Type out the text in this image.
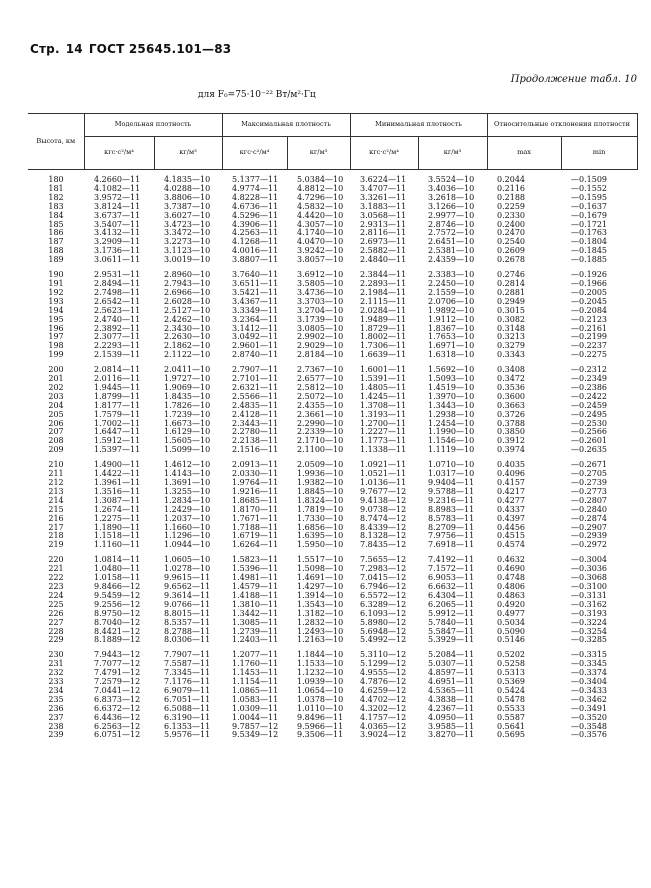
Стр. 14 ГОСТ 25645.101—83
Продолжение табл. 10
для F₀=75·10⁻²² Вт/м²·Гц
Высота, км	Модельная плотность		Максимальная плотность		Минимальная плотность		Относительные отклонения плотности	
	кгс·с²/м⁴	кг/м³	кгс·с²/м⁴	кг/м³	кгс·с²/м⁴	кг/м³	max	min

180	4.2660—11	4.1835—10	5.1377—11	5.0384—10	3.6224—11	3.5524—10	0.2044	—0.1509
181	4.1082—11	4.0288—10	4.9774—11	4.8812—10	3.4707—11	3.4036—10	0.2116	—0.1552
182	3.9572—11	3.8806—10	4.8228—11	4.7296—10	3.3261—11	3.2618—10	0.2188	—0.1595
183	3.8124—11	3.7387—10	4.6736—11	4.5832—10	3.1883—11	3.1266—10	0.2259	—0.1637
184	3.6737—11	3.6027—10	4.5296—11	4.4420—10	3.0568—11	2.9977—10	0.2330	—0.1679
185	3.5407—11	3.4723—10	4.3906—11	4.3057—10	2.9313—11	2.8746—10	0.2400	—0.1721
186	3.4132—11	3.3472—10	4.2563—11	4.1740—10	2.8116—11	2.7572—10	0.2470	—0.1763
187	3.2909—11	3.2273—10	4.1268—11	4.0470—10	2.6973—11	2.6451—10	0.2540	—0.1804
188	3.1736—11	3.1123—10	4.0016—11	3.9242—10	2.5882—11	2.5381—10	0.2609	—0.1845
189	3.0611—11	3.0019—10	3.8807—11	3.8057—10	2.4840—11	2.4359—10	0.2678	—0.1885

190	2.9531—11	2.8960—10	3.7640—11	3.6912—10	2.3844—11	2.3383—10	0.2746	—0.1926
191	2.8494—11	2.7943—10	3.6511—11	3.5805—10	2.2893—11	2.2450—10	0.2814	—0.1966
192	2.7498—11	2.6966—10	3.5421—11	3.4736—10	2.1984—11	2.1559—10	0.2881	—0.2005
193	2.6542—11	2.6028—10	3.4367—11	3.3703—10	2.1115—11	2.0706—10	0.2949	—0.2045
194	2.5623—11	2.5127—10	3.3349—11	3.2704—10	2.0284—11	1.9892—10	0.3015	—0.2084
195	2.4740—11	2.4262—10	3.2364—11	3.1739—10	1.9489—11	1.9112—10	0.3082	—0.2123
196	2.3892—11	2.3430—10	3.1412—11	3.0805—10	1.8729—11	1.8367—10	0.3148	—0.2161
197	2.3077—11	2.2630—10	3.0492—11	2.9902—10	1.8002—11	1.7653—10	0.3213	—0.2199
198	2.2293—11	2.1862—10	2.9601—11	2.9029—10	1.7306—11	1.6971—10	0.3279	—0.2237
199	2.1539—11	2.1122—10	2.8740—11	2.8184—10	1.6639—11	1.6318—10	0.3343	—0.2275

200	2.0814—11	2.0411—10	2.7907—11	2.7367—10	1.6001—11	1.5692—10	0.3408	—0.2312
201	2.0116—11	1.9727—10	2.7101—11	2.6577—10	1.5391—11	1.5093—10	0.3472	—0.2349
202	1.9445—11	1.9069—10	2.6321—11	2.5812—10	1.4805—11	1.4519—10	0.3536	—0.2386
203	1.8799—11	1.8435—10	2.5566—11	2.5072—10	1.4245—11	1.3970—10	0.3600	—0.2422
204	1.8177—11	1.7826—10	2.4835—11	2.4355—10	1.3708—11	1.3443—10	0.3663	—0.2459
205	1.7579—11	1.7239—10	2.4128—11	2.3661—10	1.3193—11	1.2938—10	0.3726	—0.2495
206	1.7002—11	1.6673—10	2.3443—11	2.2990—10	1.2700—11	1.2454—10	0.3788	—0.2530
207	1.6447—11	1.6129—10	2.2780—11	2.2339—10	1.2227—11	1.1990—10	0.3850	—0.2566
208	1.5912—11	1.5605—10	2.2138—11	2.1710—10	1.1773—11	1.1546—10	0.3912	—0.2601
209	1.5397—11	1.5099—10	2.1516—11	2.1100—10	1.1338—11	1.1119—10	0.3974	—0.2635

210	1.4900—11	1.4612—10	2.0913—11	2.0509—10	1.0921—11	1.0710—10	0.4035	—0.2671
211	1.4422—11	1.4143—10	2.0330—11	1.9936—10	1.0521—11	1.0317—10	0.4096	—0.2705
212	1.3961—11	1.3691—10	1.9764—11	1.9382—10	1.0136—11	9.9404—11	0.4157	—0.2739
213	1.3516—11	1.3255—10	1.9216—11	1.8845—10	9.7677—12	9.5788—11	0.4217	—0.2773
214	1.3087—11	1.2834—10	1.8685—11	1.8324—10	9.4138—12	9.2316—11	0.4277	—0.2807
215	1.2674—11	1.2429—10	1.8170—11	1.7819—10	9.0738—12	8.8983—11	0.4337	—0.2840
216	1.2275—11	1.2037—10	1.7671—11	1.7330—10	8.7474—12	8.5783—11	0.4397	—0.2874
217	1.1890—11	1.1660—10	1.7188—11	1.6856—10	8.4339—12	8.2709—11	0.4456	—0.2907
218	1.1518—11	1.1296—10	1.6719—11	1.6395—10	8.1328—12	7.9756—11	0.4515	—0.2939
219	1.1160—11	1.0944—10	1.6264—11	1.5950—10	7.8435—12	7.6918—11	0.4574	—0.2972

220	1.0814—11	1.0605—10	1.5823—11	1.5517—10	7.5655—12	7.4192—11	0.4632	—0.3004
221	1.0480—11	1.0278—10	1.5396—11	1.5098—10	7.2983—12	7.1572—11	0.4690	—0.3036
222	1.0158—11	9.9615—11	1.4981—11	1.4691—10	7.0415—12	6.9053—11	0.4748	—0.3068
223	9.8466—12	9.6562—11	1.4579—11	1.4297—10	6.7946—12	6.6632—11	0.4806	—0.3100
224	9.5459—12	9.3614—11	1.4188—11	1.3914—10	6.5572—12	6.4304—11	0.4863	—0.3131
225	9.2556—12	9.0766—11	1.3810—11	1.3543—10	6.3289—12	6.2065—11	0.4920	—0.3162
226	8.9750—12	8.8015—11	1.3442—11	1.3182—10	6.1093—12	5.9912—11	0.4977	—0.3193
227	8.7040—12	8.5357—11	1.3085—11	1.2832—10	5.8980—12	5.7840—11	0.5034	—0.3224
228	8.4421—12	8.2788—11	1.2739—11	1.2493—10	5.6948—12	5.5847—11	0.5090	—0.3254
229	8.1889—12	8.0306—11	1.2403—11	1.2163—10	5.4992—12	5.3929—11	0.5146	—0.3285

230	7.9443—12	7.7907—11	1.2077—11	1.1844—10	5.3110—12	5.2084—11	0.5202	—0.3315
231	7.7077—12	7.5587—11	1.1760—11	1.1533—10	5.1299—12	5.0307—11	0.5258	—0.3345
232	7.4791—12	7.3345—11	1.1453—11	1.1232—10	4.9555—12	4.8597—11	0.5313	—0.3374
233	7.2579—12	7.1176—11	1.1154—11	1.0939—10	4.7876—12	4.6951—11	0.5369	—0.3404
234	7.0441—12	6.9079—11	1.0865—11	1.0654—10	4.6259—12	4.5365—11	0.5424	—0.3433
235	6.8373—12	6.7051—11	1.0583—11	1.0378—10	4.4702—12	4.3838—11	0.5478	—0.3462
236	6.6372—12	6.5088—11	1.0309—11	1.0110—10	4.3202—12	4.2367—11	0.5533	—0.3491
237	6.4436—12	6.3190—11	1.0044—11	9.8496—11	4.1757—12	4.0950—11	0.5587	—0.3520
238	6.2563—12	6.1353—11	9.7857—12	9.5966—11	4.0365—12	3.9585—11	0.5641	—0.3548
239	6.0751—12	5.9576—11	9.5349—12	9.3506—11	3.9024—12	3.8270—11	0.5695	—0.3576
